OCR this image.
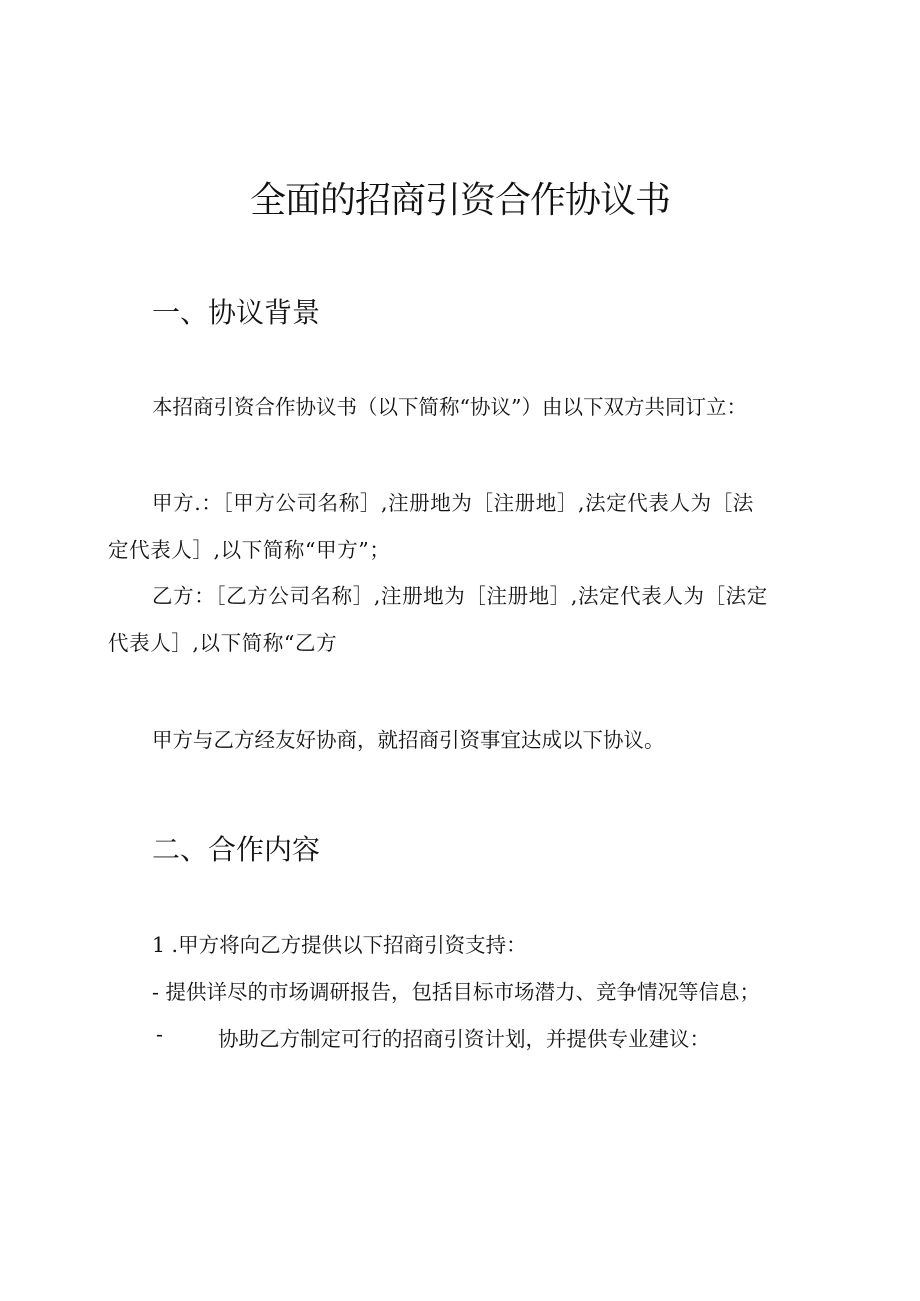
全面的招商引资合作协议书
一、协议背景
本招商引资合作协议书（以下简称“协议”）由以下双方共同订立：
甲方.：［甲方公司名称］,注册地为［注册地］,法定代表人为［法
定代表人］,以下简称“甲方”；
乙方：［乙方公司名称］,注册地为［注册地］,法定代表人为［法定
代表人］,以下简称“乙方
甲方与乙方经友好协商，就招商引资事宜达成以下协议。
二、合作内容
1 .甲方将向乙方提供以下招商引资支持：
- 提供详尽的市场调研报告，包括目标市场潜力、竞争情况等信息；
-	协助乙方制定可行的招商引资计划，并提供专业建议：
